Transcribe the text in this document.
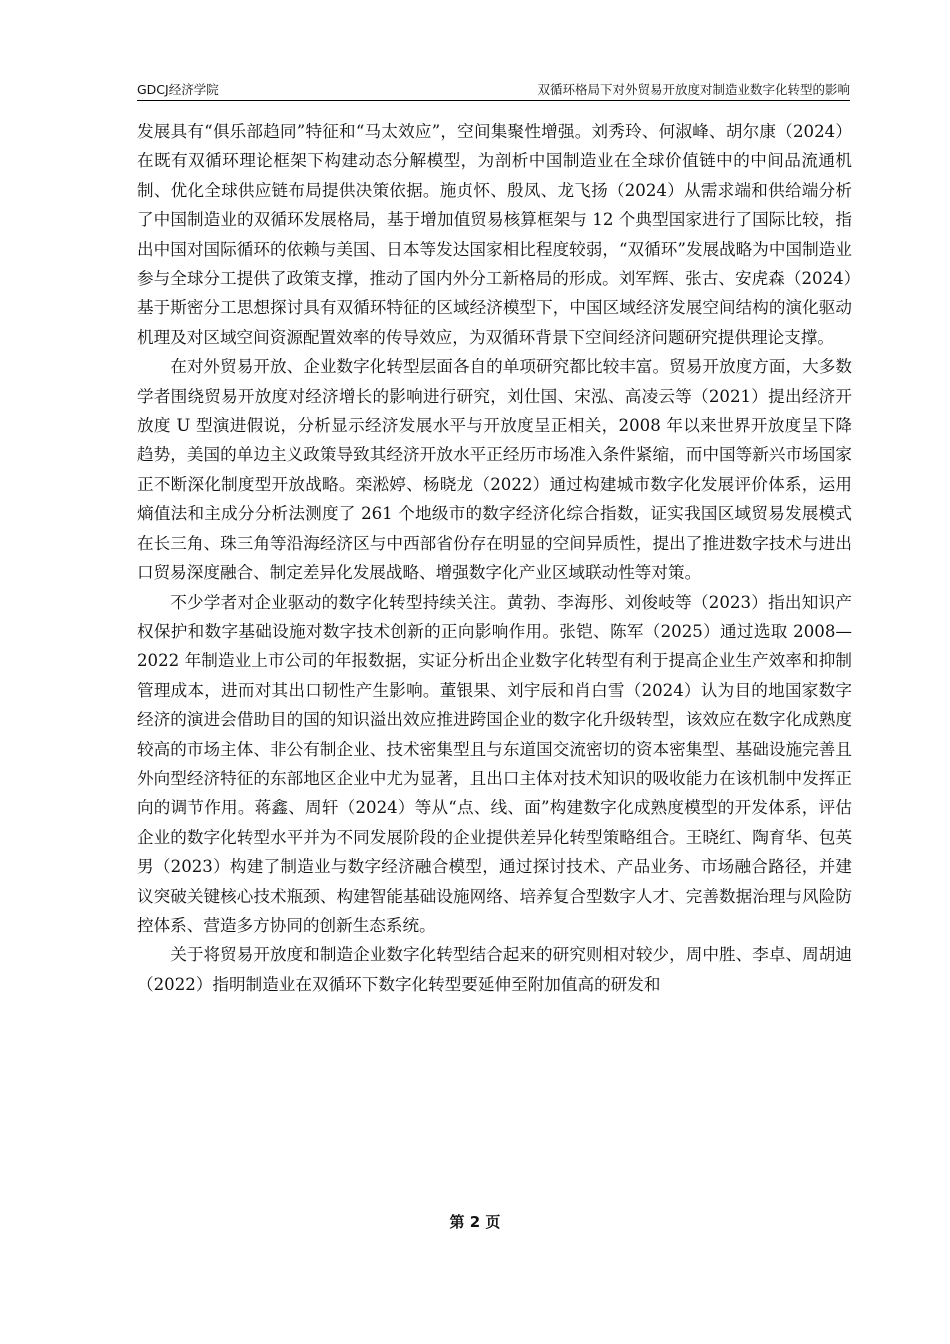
GDCJ经济学院	双循环格局下对外贸易开放度对制造业数字化转型的影响

发展具有“俱乐部趋同”特征和“马太效应”，空间集聚性增强。刘秀玲、何淑峰、胡尔康（2024）在既有双循环理论框架下构建动态分解模型，为剖析中国制造业在全球价值链中的中间品流通机制、优化全球供应链布局提供决策依据。施贞怀、殷凤、龙飞扬（2024）从需求端和供给端分析了中国制造业的双循环发展格局，基于增加值贸易核算框架与 12 个典型国家进行了国际比较，指出中国对国际循环的依赖与美国、日本等发达国家相比程度较弱，“双循环”发展战略为中国制造业参与全球分工提供了政策支撑，推动了国内外分工新格局的形成。刘军辉、张古、安虎森（2024）基于斯密分工思想探讨具有双循环特征的区域经济模型下，中国区域经济发展空间结构的演化驱动机理及对区域空间资源配置效率的传导效应，为双循环背景下空间经济问题研究提供理论支撑。

在对外贸易开放、企业数字化转型层面各自的单项研究都比较丰富。贸易开放度方面，大多数学者围绕贸易开放度对经济增长的影响进行研究，刘仕国、宋泓、高凌云等（2021）提出经济开放度 U 型演进假说，分析显示经济发展水平与开放度呈正相关，2008 年以来世界开放度呈下降趋势，美国的单边主义政策导致其经济开放水平正经历市场准入条件紧缩，而中国等新兴市场国家正不断深化制度型开放战略。栾淞婷、杨晓龙（2022）通过构建城市数字化发展评价体系，运用熵值法和主成分分析法测度了 261 个地级市的数字经济化综合指数，证实我国区域贸易发展模式在长三角、珠三角等沿海经济区与中西部省份存在明显的空间异质性，提出了推进数字技术与进出口贸易深度融合、制定差异化发展战略、增强数字化产业区域联动性等对策。

不少学者对企业驱动的数字化转型持续关注。黄勃、李海彤、刘俊岐等（2023）指出知识产权保护和数字基础设施对数字技术创新的正向影响作用。张铠、陈军（2025）通过选取 2008—2022 年制造业上市公司的年报数据，实证分析出企业数字化转型有利于提高企业生产效率和抑制管理成本，进而对其出口韧性产生影响。董银果、刘宇辰和肖白雪（2024）认为目的地国家数字经济的演进会借助目的国的知识溢出效应推进跨国企业的数字化升级转型，该效应在数字化成熟度较高的市场主体、非公有制企业、技术密集型且与东道国交流密切的资本密集型、基础设施完善且外向型经济特征的东部地区企业中尤为显著，且出口主体对技术知识的吸收能力在该机制中发挥正向的调节作用。蒋鑫、周轩（2024）等从“点、线、面”构建数字化成熟度模型的开发体系，评估企业的数字化转型水平并为不同发展阶段的企业提供差异化转型策略组合。王晓红、陶育华、包英男（2023）构建了制造业与数字经济融合模型，通过探讨技术、产品业务、市场融合路径，并建议突破关键核心技术瓶颈、构建智能基础设施网络、培养复合型数字人才、完善数据治理与风险防控体系、营造多方协同的创新生态系统。

关于将贸易开放度和制造企业数字化转型结合起来的研究则相对较少，周中胜、李卓、周胡迪（2022）指明制造业在双循环下数字化转型要延伸至附加值高的研发和

第 2 页
